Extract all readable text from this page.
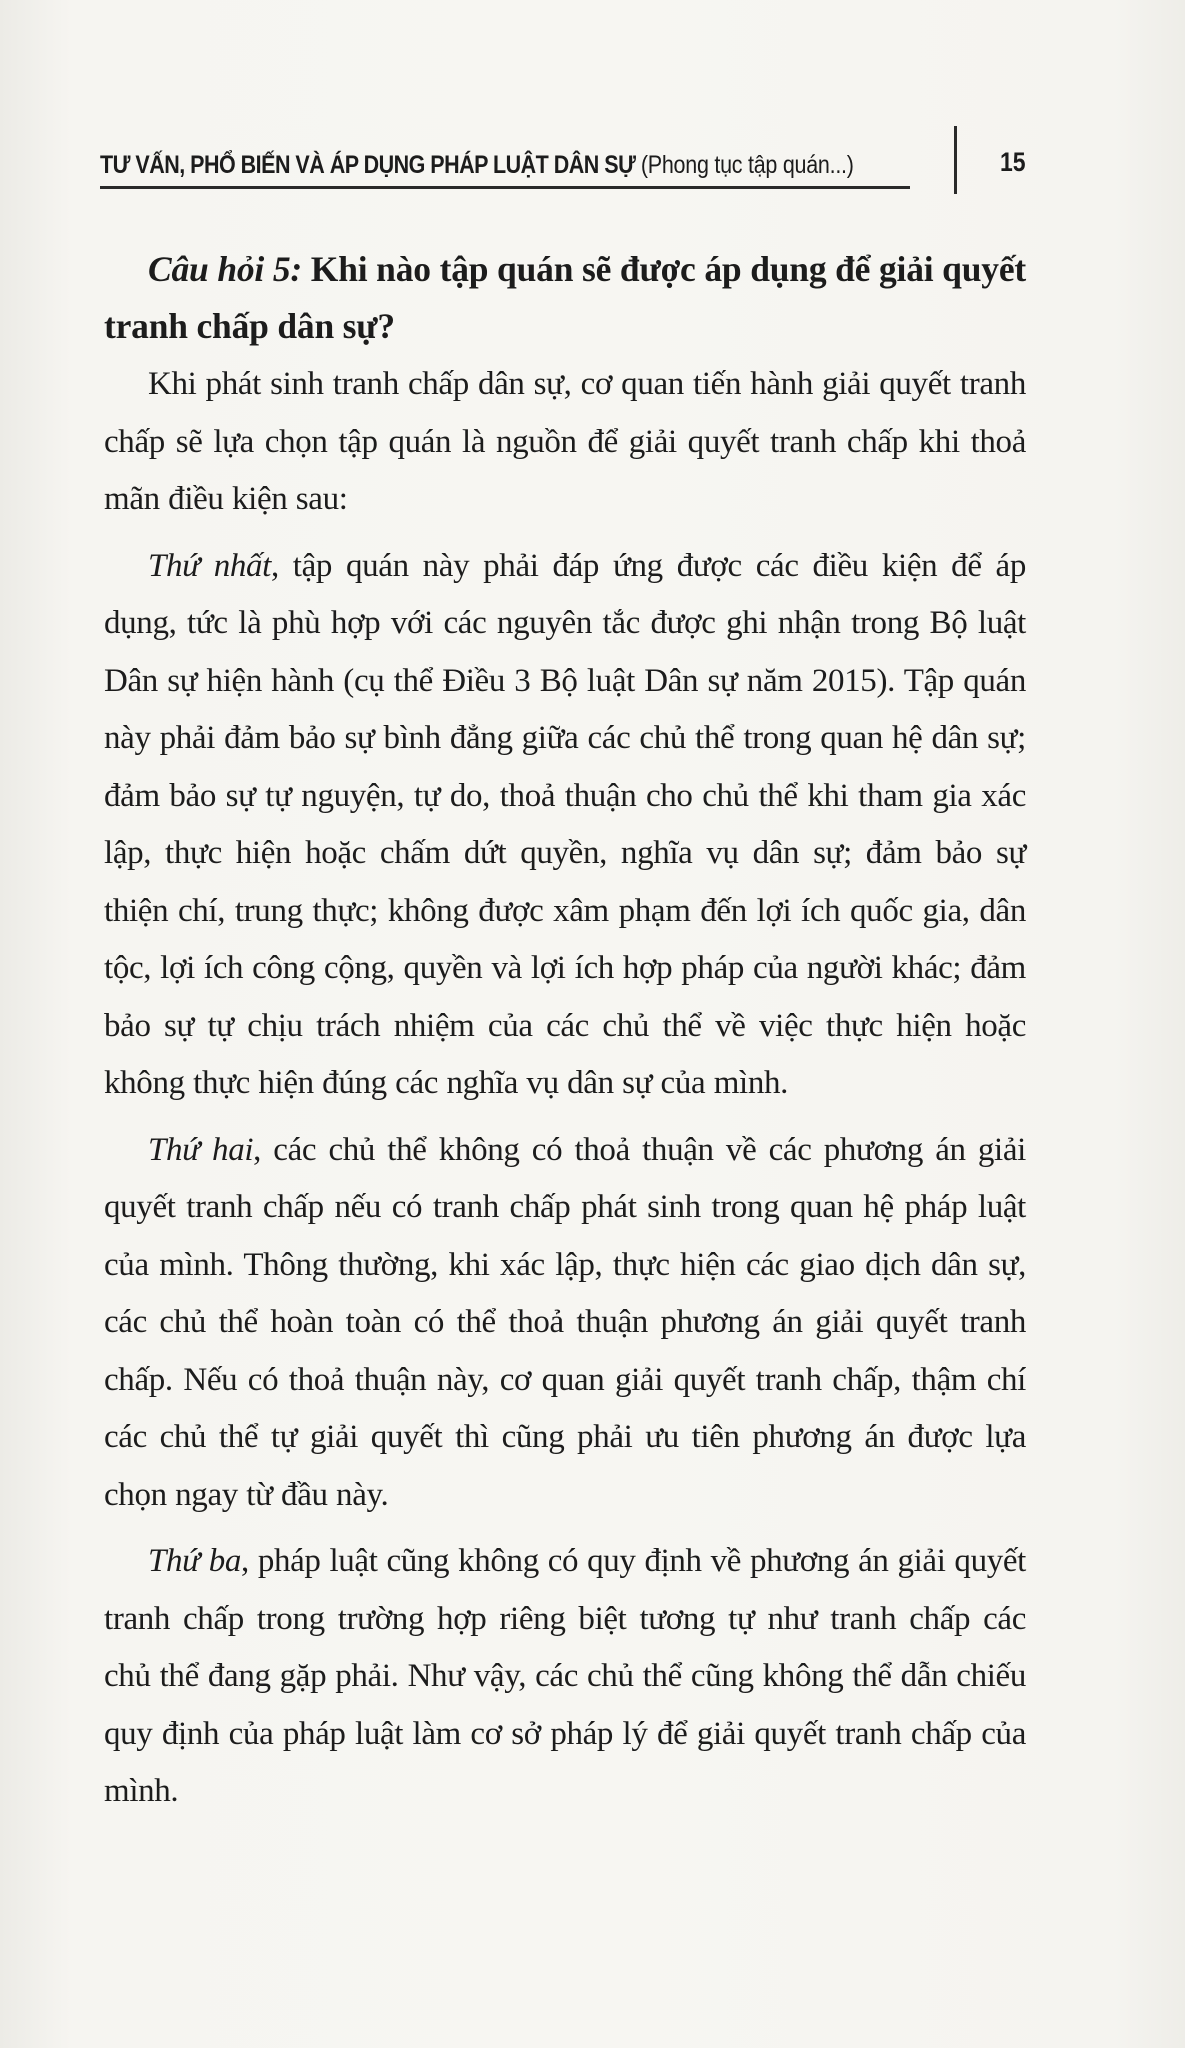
TƯ VẤN, PHỔ BIẾN VÀ ÁP DỤNG PHÁP LUẬT DÂN SỰ (Phong tục tập quán...)	15

Câu hỏi 5: Khi nào tập quán sẽ được áp dụng để giải quyết tranh chấp dân sự?

Khi phát sinh tranh chấp dân sự, cơ quan tiến hành giải quyết tranh chấp sẽ lựa chọn tập quán là nguồn để giải quyết tranh chấp khi thoả mãn điều kiện sau:

Thứ nhất, tập quán này phải đáp ứng được các điều kiện để áp dụng, tức là phù hợp với các nguyên tắc được ghi nhận trong Bộ luật Dân sự hiện hành (cụ thể Điều 3 Bộ luật Dân sự năm 2015). Tập quán này phải đảm bảo sự bình đẳng giữa các chủ thể trong quan hệ dân sự; đảm bảo sự tự nguyện, tự do, thoả thuận cho chủ thể khi tham gia xác lập, thực hiện hoặc chấm dứt quyền, nghĩa vụ dân sự; đảm bảo sự thiện chí, trung thực; không được xâm phạm đến lợi ích quốc gia, dân tộc, lợi ích công cộng, quyền và lợi ích hợp pháp của người khác; đảm bảo sự tự chịu trách nhiệm của các chủ thể về việc thực hiện hoặc không thực hiện đúng các nghĩa vụ dân sự của mình.

Thứ hai, các chủ thể không có thoả thuận về các phương án giải quyết tranh chấp nếu có tranh chấp phát sinh trong quan hệ pháp luật của mình. Thông thường, khi xác lập, thực hiện các giao dịch dân sự, các chủ thể hoàn toàn có thể thoả thuận phương án giải quyết tranh chấp. Nếu có thoả thuận này, cơ quan giải quyết tranh chấp, thậm chí các chủ thể tự giải quyết thì cũng phải ưu tiên phương án được lựa chọn ngay từ đầu này.

Thứ ba, pháp luật cũng không có quy định về phương án giải quyết tranh chấp trong trường hợp riêng biệt tương tự như tranh chấp các chủ thể đang gặp phải. Như vậy, các chủ thể cũng không thể dẫn chiếu quy định của pháp luật làm cơ sở pháp lý để giải quyết tranh chấp của mình.
